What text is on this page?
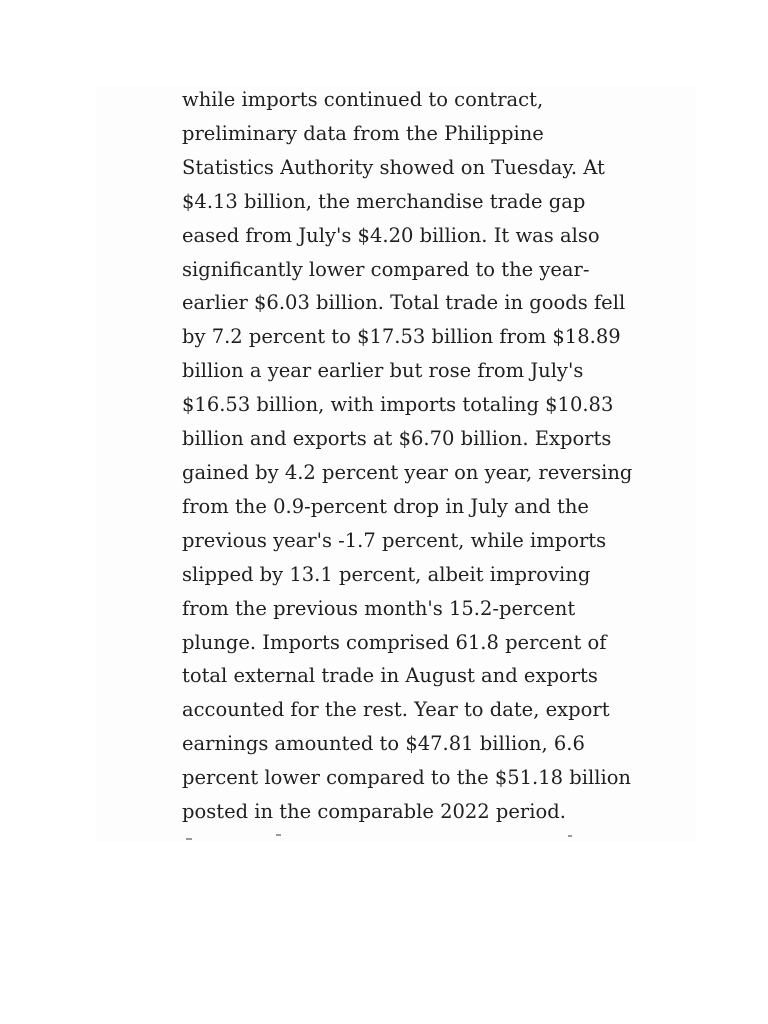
while imports continued to contract,
preliminary data from the Philippine
Statistics Authority showed on Tuesday. At
$4.13 billion, the merchandise trade gap
eased from July's $4.20 billion. It was also
significantly lower compared to the year-
earlier $6.03 billion. Total trade in goods fell
by 7.2 percent to $17.53 billion from $18.89
billion a year earlier but rose from July's
$16.53 billion, with imports totaling $10.83
billion and exports at $6.70 billion. Exports
gained by 4.2 percent year on year, reversing
from the 0.9-percent drop in July and the
previous year's -1.7 percent, while imports
slipped by 13.1 percent, albeit improving
from the previous month's 15.2-percent
plunge. Imports comprised 61.8 percent of
total external trade in August and exports
accounted for the rest. Year to date, export
earnings amounted to $47.81 billion, 6.6
percent lower compared to the $51.18 billion
posted in the comparable 2022 period.
